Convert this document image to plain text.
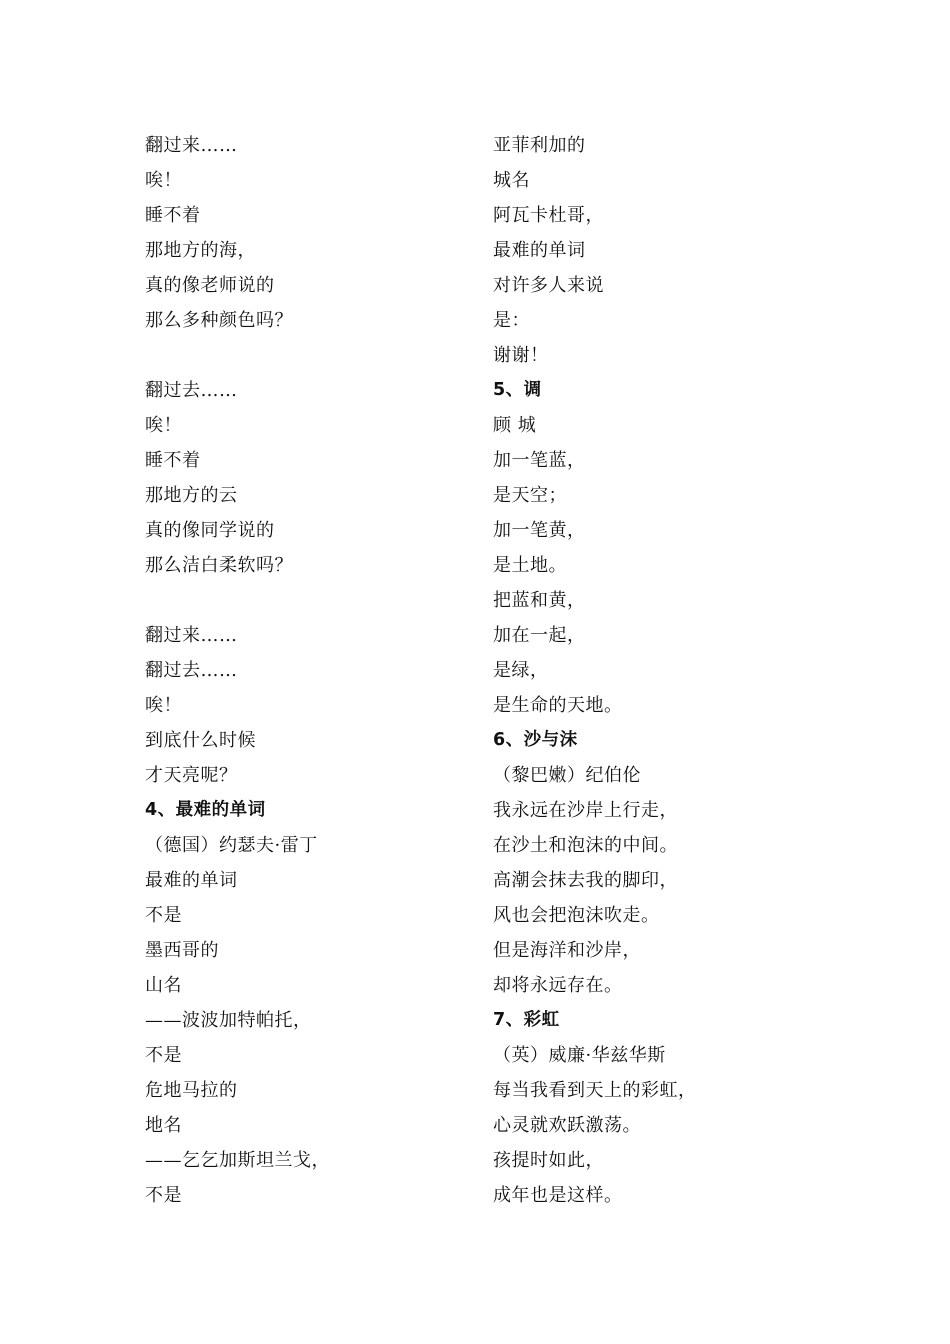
翻过来……
唉！
睡不着
那地方的海，
真的像老师说的
那么多种颜色吗？
翻过去……
唉！
睡不着
那地方的云
真的像同学说的
那么洁白柔软吗？
翻过来……
翻过去……
唉！
到底什么时候
才天亮呢？
4、最难的单词
（德国）约瑟夫·雷丁
最难的单词
不是
墨西哥的
山名
——波波加特帕托，
不是
危地马拉的
地名
——乞乞加斯坦兰戈，
不是
亚菲利加的
城名
阿瓦卡杜哥，
最难的单词
对许多人来说
是：
谢谢！
5、调
顾 城
加一笔蓝，
是天空；
加一笔黄，
是土地。
把蓝和黄，
加在一起，
是绿，
是生命的天地。
6、沙与沫
（黎巴嫩）纪伯伦
我永远在沙岸上行走，
在沙土和泡沫的中间。
高潮会抹去我的脚印，
风也会把泡沫吹走。
但是海洋和沙岸，
却将永远存在。
7、彩虹
（英）威廉·华兹华斯
每当我看到天上的彩虹，
心灵就欢跃激荡。
孩提时如此，
成年也是这样。
